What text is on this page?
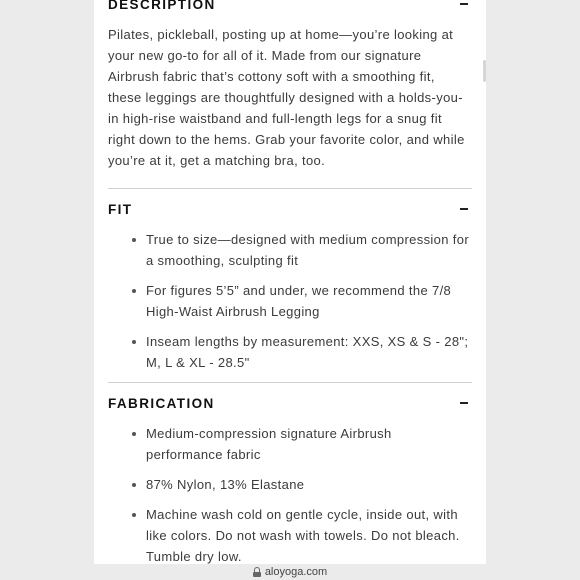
DESCRIPTION

Pilates, pickleball, posting up at home—you’re looking at your new go-to for all of it. Made from our signature Airbrush fabric that’s cottony soft with a smoothing fit, these leggings are thoughtfully designed with a holds-you-in high-rise waistband and full-length legs for a snug fit right down to the hems. Grab your favorite color, and while you’re at it, get a matching bra, too.

FIT
True to size—designed with medium compression for a smoothing, sculpting fit
For figures 5’5” and under, we recommend the 7/8 High-Waist Airbrush Legging
Inseam lengths by measurement: XXS, XS & S - 28"; M, L & XL - 28.5"
FABRICATION
Medium-compression signature Airbrush performance fabric
87% Nylon, 13% Elastane
Machine wash cold on gentle cycle, inside out, with like colors. Do not wash with towels. Do not bleach. Tumble dry low.
aloyoga.com
